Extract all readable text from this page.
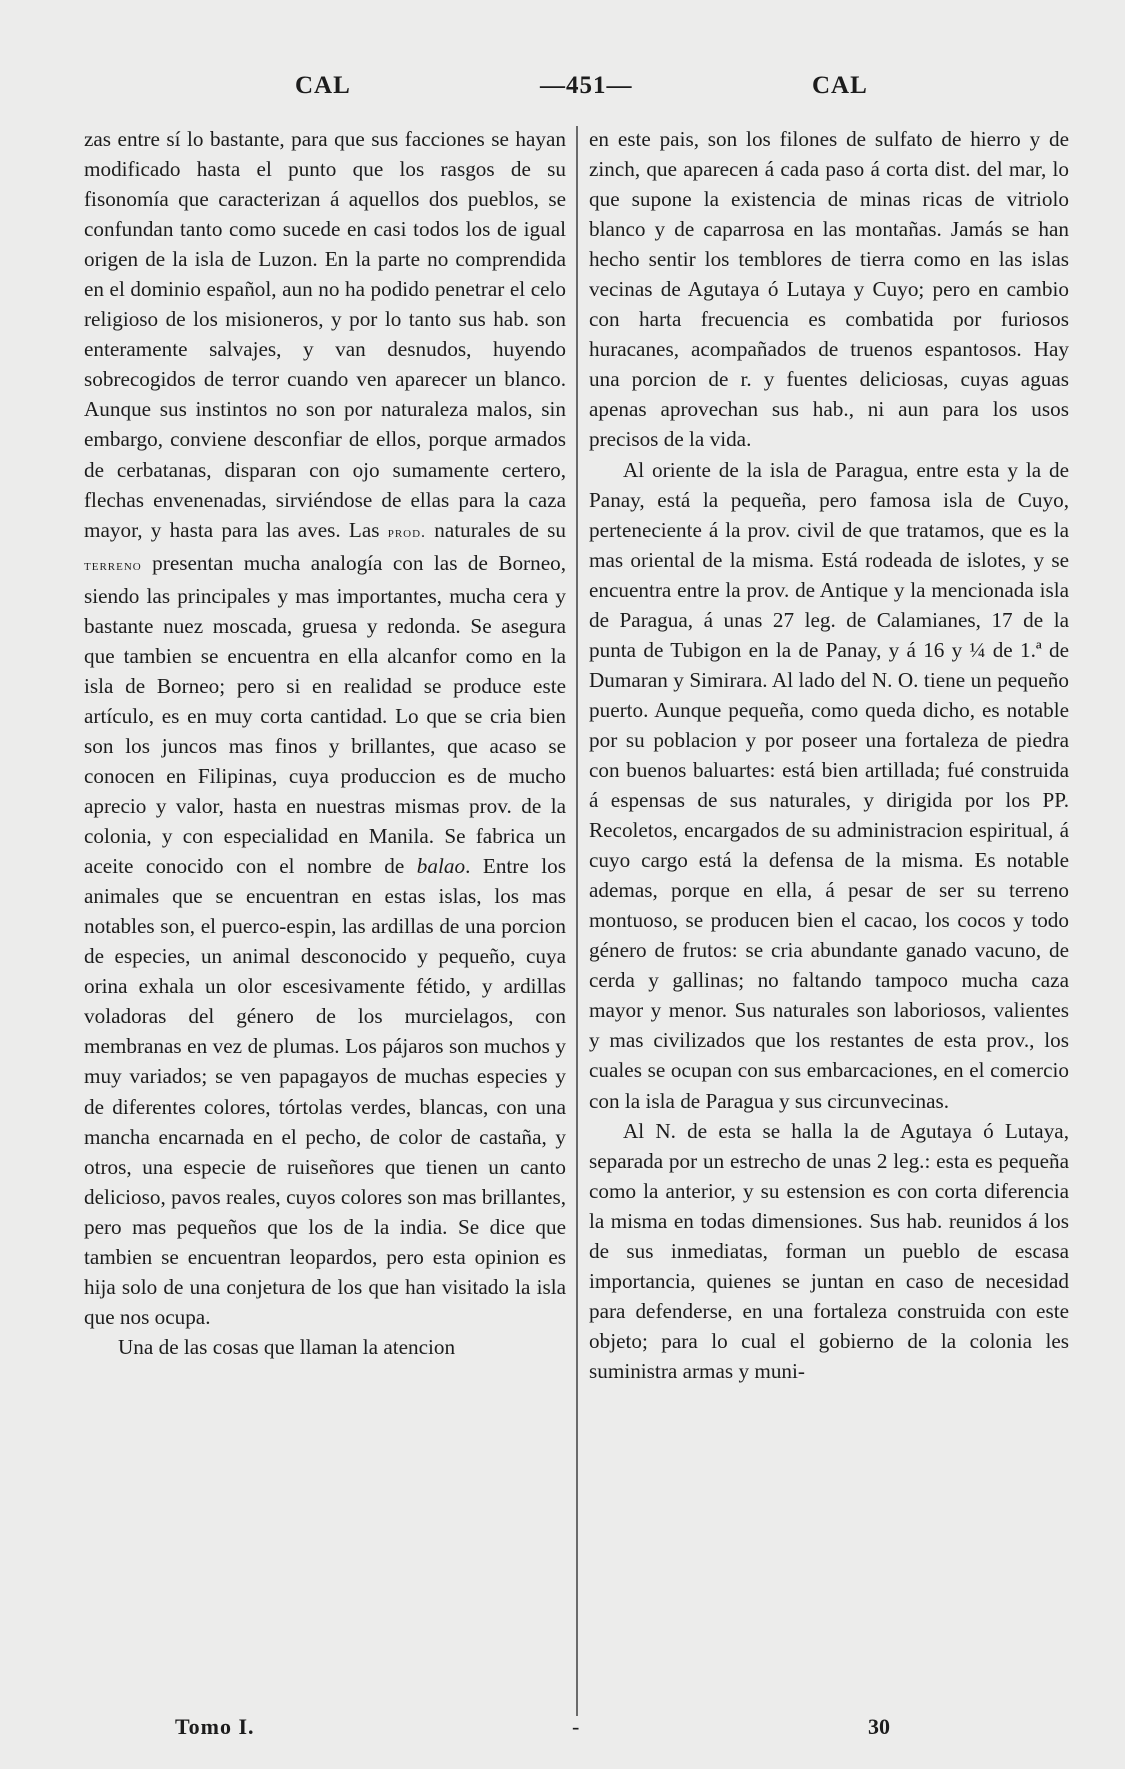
CAL	—451—	CAL

zas entre sí lo bastante, para que sus facciones se hayan modificado hasta el punto que los rasgos de su fisonomía que caracterizan á aquellos dos pueblos, se confundan tanto como sucede en casi todos los de igual origen de la isla de Luzon. En la parte no comprendida en el dominio español, aun no ha podido penetrar el celo religioso de los misioneros, y por lo tanto sus hab. son enteramente salvajes, y van desnudos, huyendo sobrecogidos de terror cuando ven aparecer un blanco. Aunque sus instintos no son por naturaleza malos, sin embargo, conviene desconfiar de ellos, porque armados de cerbatanas, disparan con ojo sumamente certero, flechas envenenadas, sirviéndose de ellas para la caza mayor, y hasta para las aves. Las prod. naturales de su terreno presentan mucha analogía con las de Borneo, siendo las principales y mas importantes, mucha cera y bastante nuez moscada, gruesa y redonda. Se asegura que tambien se encuentra en ella alcanfor como en la isla de Borneo; pero si en realidad se produce este artículo, es en muy corta cantidad. Lo que se cria bien son los juncos mas finos y brillantes, que acaso se conocen en Filipinas, cuya produccion es de mucho aprecio y valor, hasta en nuestras mismas prov. de la colonia, y con especialidad en Manila. Se fabrica un aceite conocido con el nombre de balao. Entre los animales que se encuentran en estas islas, los mas notables son, el puerco-espin, las ardillas de una porcion de especies, un animal desconocido y pequeño, cuya orina exhala un olor escesivamente fétido, y ardillas voladoras del género de los murcielagos, con membranas en vez de plumas. Los pájaros son muchos y muy variados; se ven papagayos de muchas especies y de diferentes colores, tórtolas verdes, blancas, con una mancha encarnada en el pecho, de color de castaña, y otros, una especie de ruiseñores que tienen un canto delicioso, pavos reales, cuyos colores son mas brillantes, pero mas pequeños que los de la india. Se dice que tambien se encuentran leopardos, pero esta opinion es hija solo de una conjetura de los que han visitado la isla que nos ocupa.

Una de las cosas que llaman la atencion

en este pais, son los filones de sulfato de hierro y de zinch, que aparecen á cada paso á corta dist. del mar, lo que supone la existencia de minas ricas de vitriolo blanco y de caparrosa en las montañas. Jamás se han hecho sentir los temblores de tierra como en las islas vecinas de Agutaya ó Lutaya y Cuyo; pero en cambio con harta frecuencia es combatida por furiosos huracanes, acompañados de truenos espantosos. Hay una porcion de r. y fuentes deliciosas, cuyas aguas apenas aprovechan sus hab., ni aun para los usos precisos de la vida.

Al oriente de la isla de Paragua, entre esta y la de Panay, está la pequeña, pero famosa isla de Cuyo, perteneciente á la prov. civil de que tratamos, que es la mas oriental de la misma. Está rodeada de islotes, y se encuentra entre la prov. de Antique y la mencionada isla de Paragua, á unas 27 leg. de Calamianes, 17 de la punta de Tubigon en la de Panay, y á 16 y ¼ de 1.ª de Dumaran y Simirara. Al lado del N. O. tiene un pequeño puerto. Aunque pequeña, como queda dicho, es notable por su poblacion y por poseer una fortaleza de piedra con buenos baluartes: está bien artillada; fué construida á espensas de sus naturales, y dirigida por los PP. Recoletos, encargados de su administracion espiritual, á cuyo cargo está la defensa de la misma. Es notable ademas, porque en ella, á pesar de ser su terreno montuoso, se producen bien el cacao, los cocos y todo género de frutos: se cria abundante ganado vacuno, de cerda y gallinas; no faltando tampoco mucha caza mayor y menor. Sus naturales son laboriosos, valientes y mas civilizados que los restantes de esta prov., los cuales se ocupan con sus embarcaciones, en el comercio con la isla de Paragua y sus circunvecinas.

Al N. de esta se halla la de Agutaya ó Lutaya, separada por un estrecho de unas 2 leg.: esta es pequeña como la anterior, y su estension es con corta diferencia la misma en todas dimensiones. Sus hab. reunidos á los de sus inmediatas, forman un pueblo de escasa importancia, quienes se juntan en caso de necesidad para defenderse, en una fortaleza construida con este objeto; para lo cual el gobierno de la colonia les suministra armas y muni-

Tomo I.	-	30
